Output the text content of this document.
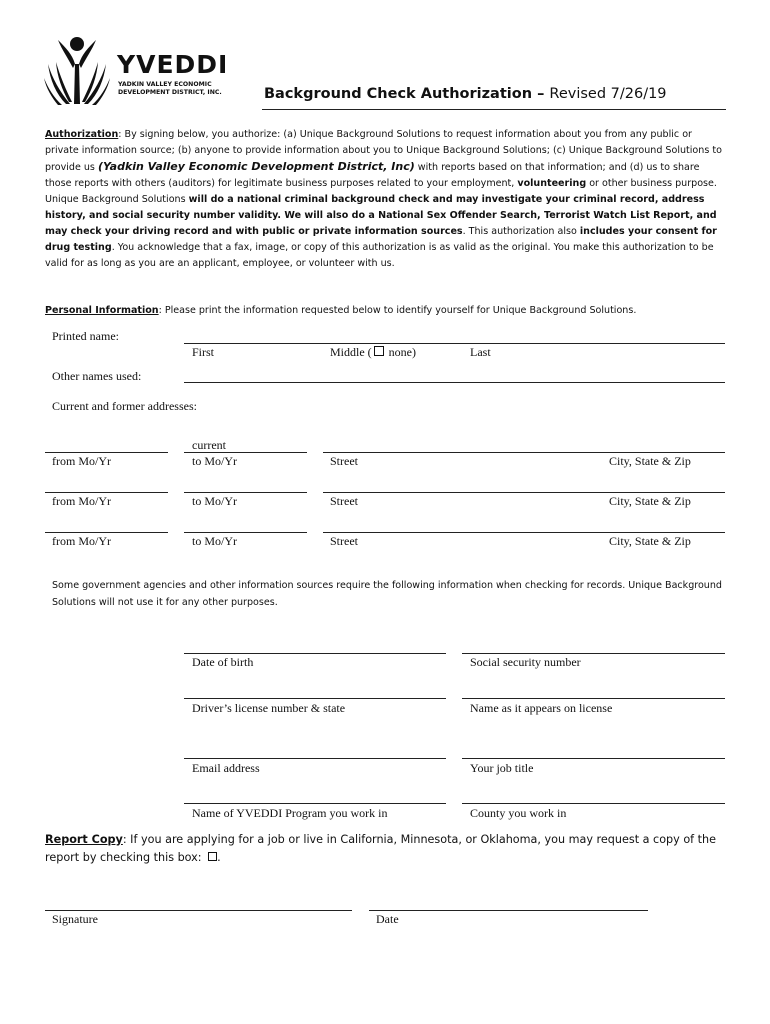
YVEDDI
YADKIN VALLEY ECONOMIC
DEVELOPMENT DISTRICT, INC.	Background Check Authorization – Revised 7/26/19
Authorization: By signing below, you authorize: (a) Unique Background Solutions to request information about you from any public or private information source; (b) anyone to provide information about you to Unique Background Solutions; (c) Unique Background Solutions to provide us (Yadkin Valley Economic Development District, Inc) with reports based on that information; and (d) us to share those reports with others (auditors) for legitimate business purposes related to your employment, volunteering or other business purpose. Unique Background Solutions will do a national criminal background check and may investigate your criminal record, address history, and social security number validity. We will also do a National Sex Offender Search, Terrorist Watch List Report, and may check your driving record and with public or private information sources. This authorization also includes your consent for drug testing. You acknowledge that a fax, image, or copy of this authorization is as valid as the original. You make this authorization to be valid for as long as you are an applicant, employee, or volunteer with us.
Personal Information: Please print the information requested below to identify yourself for Unique Background Solutions.
Printed name:
First	Middle ( none)	Last
Other names used:
Current and former addresses:
current
from Mo/Yr	to Mo/Yr	Street	City, State & Zip
from Mo/Yr	to Mo/Yr	Street	City, State & Zip
from Mo/Yr	to Mo/Yr	Street	City, State & Zip
Some government agencies and other information sources require the following information when checking for records. Unique Background Solutions will not use it for any other purposes.
Date of birth	Social security number
Driver’s license number & state	Name as it appears on license
Email address	Your job title
Name of YVEDDI Program you work in	County you work in
Report Copy: If you are applying for a job or live in California, Minnesota, or Oklahoma, you may request a copy of the report by checking this box: .
Signature	Date
